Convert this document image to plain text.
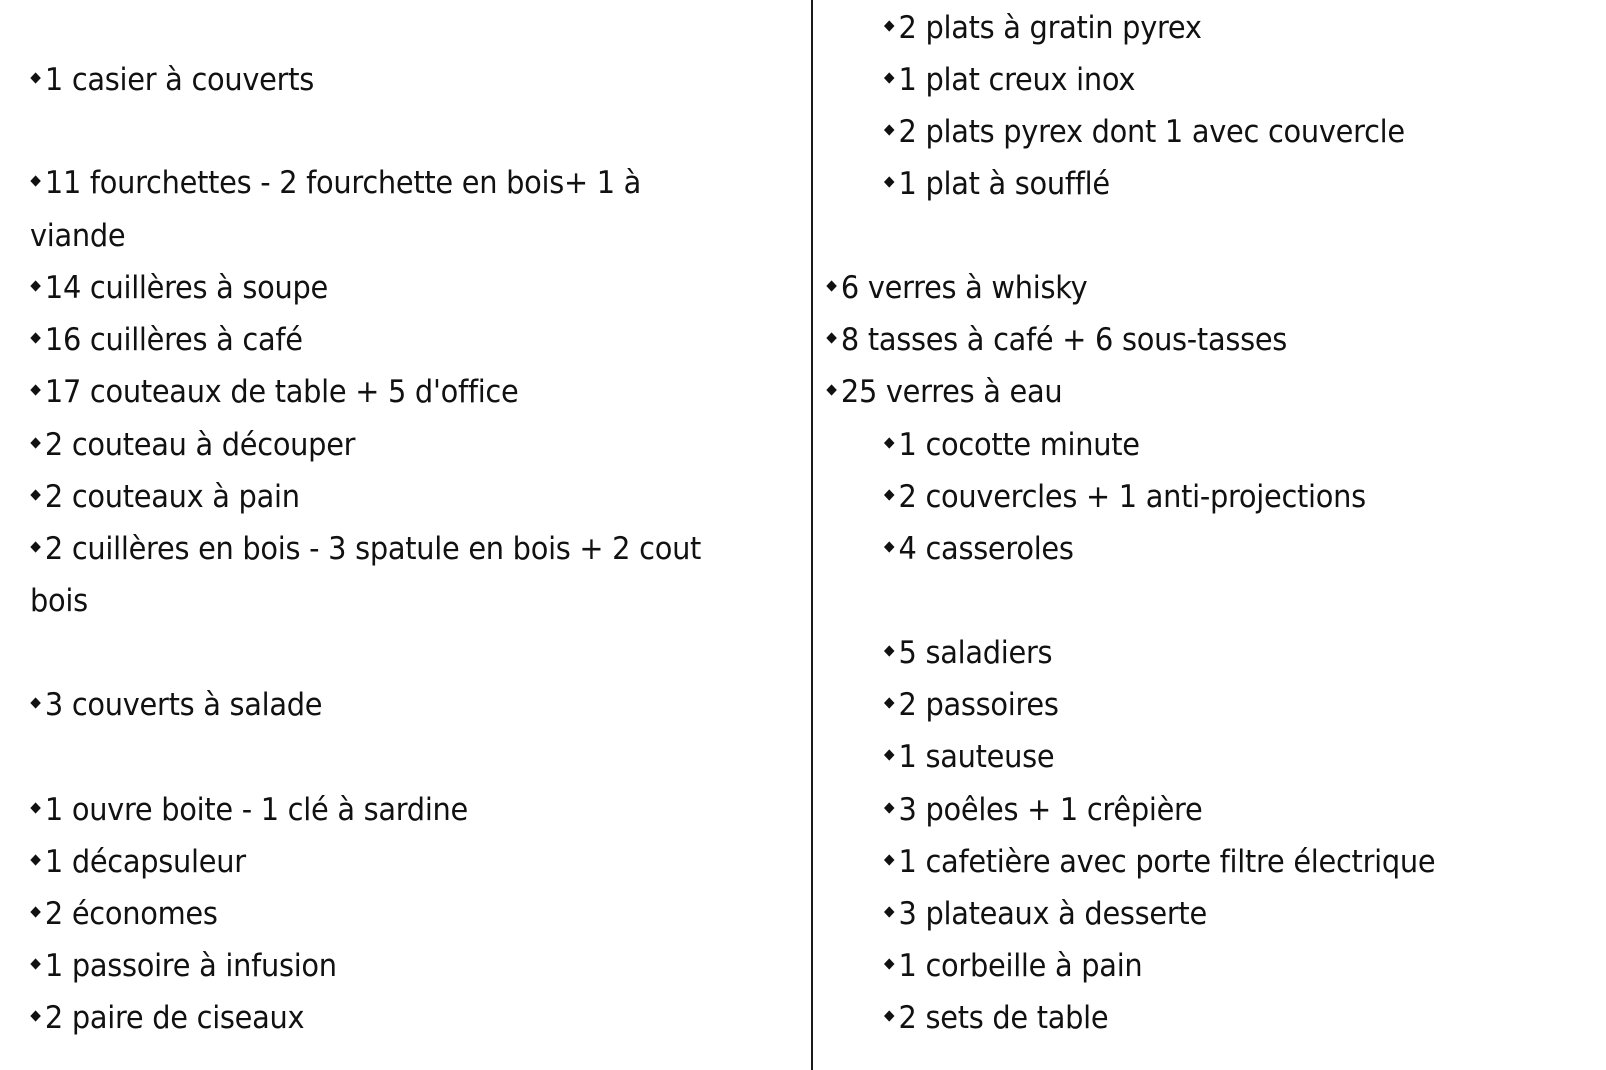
1 casier à couverts
11 fourchettes - 2 fourchette en bois+ 1 à
viande
14 cuillères à soupe
16 cuillères à café
17 couteaux de table + 5 d'office
2 couteau à découper
2 couteaux à pain
2 cuillères en bois - 3 spatule en bois + 2 cout
bois
3 couverts à salade
1 ouvre boite - 1 clé à sardine
1 décapsuleur
2 économes
1 passoire à infusion
2 paire de ciseaux
2 plats à gratin pyrex
1 plat creux inox
2 plats pyrex dont 1 avec couvercle
1 plat à soufflé
6 verres à whisky
8 tasses à café + 6 sous-tasses
25 verres à eau
1 cocotte minute
2 couvercles + 1 anti-projections
4 casseroles
5 saladiers
2 passoires
1 sauteuse
3 poêles + 1 crêpière
1 cafetière avec porte filtre électrique
3 plateaux à desserte
1 corbeille à pain
2 sets de table
